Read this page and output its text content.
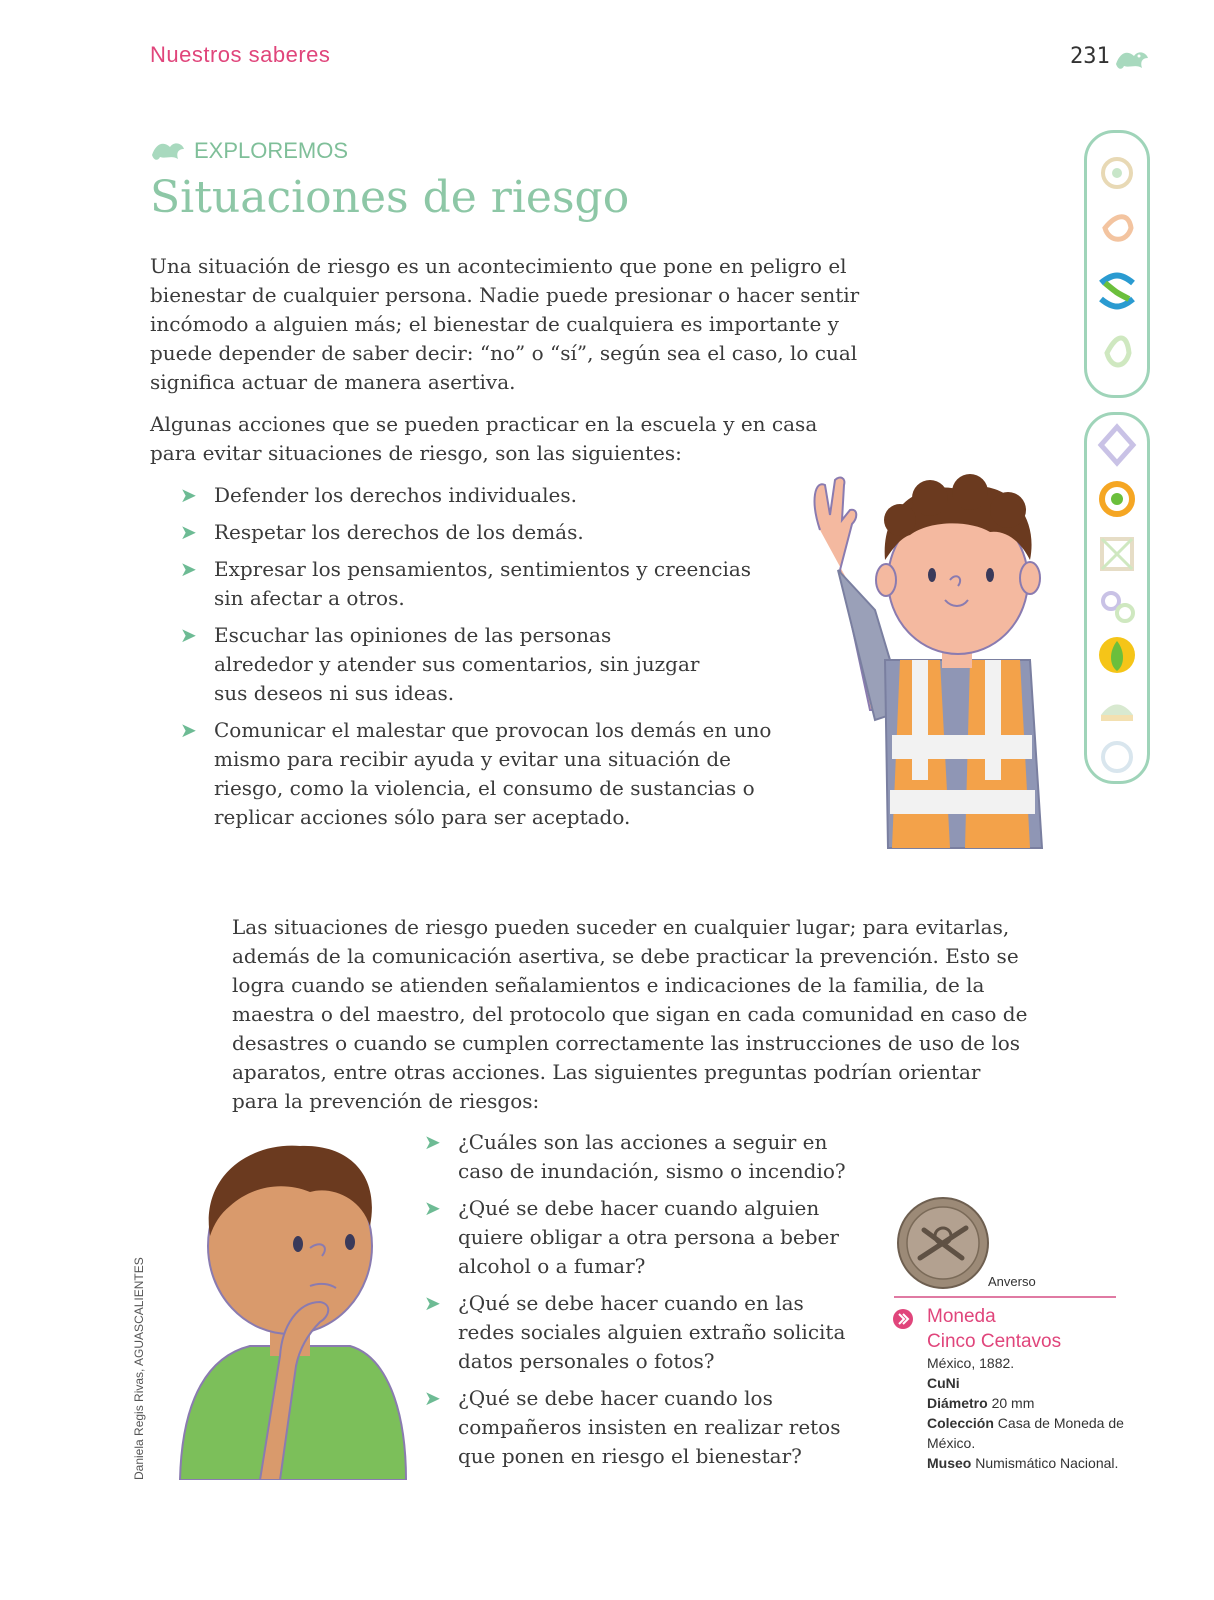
Nuestros saberes	231
EXPLOREMOS
Situaciones de riesgo

Una situación de riesgo es un acontecimiento que pone en peligro el bienestar de cualquier persona. Nadie puede presionar o hacer sentir incómodo a alguien más; el bienestar de cualquiera es importante y puede depender de saber decir: “no” o “sí”, según sea el caso, lo cual significa actuar de manera asertiva.

Algunas acciones que se pueden practicar en la escuela y en casa para evitar situaciones de riesgo, son las siguientes:

➤ Defender los derechos individuales.
➤ Respetar los derechos de los demás.
➤ Expresar los pensamientos, sentimientos y creencias sin afectar a otros.
➤ Escuchar las opiniones de las personas alrededor y atender sus comentarios, sin juzgar sus deseos ni sus ideas.
➤ Comunicar el malestar que provocan los demás en uno mismo para recibir ayuda y evitar una situación de riesgo, como la violencia, el consumo de sustancias o replicar acciones sólo para ser aceptado.

Las situaciones de riesgo pueden suceder en cualquier lugar; para evitarlas, además de la comunicación asertiva, se debe practicar la prevención. Esto se logra cuando se atienden señalamientos e indicaciones de la familia, de la maestra o del maestro, del protocolo que sigan en cada comunidad en caso de desastres o cuando se cumplen correctamente las instrucciones de uso de los aparatos, entre otras acciones. Las siguientes preguntas podrían orientar para la prevención de riesgos:

➤ ¿Cuáles son las acciones a seguir en caso de inundación, sismo o incendio?
➤ ¿Qué se debe hacer cuando alguien quiere obligar a otra persona a beber alcohol o a fumar?
➤ ¿Qué se debe hacer cuando en las redes sociales alguien extraño solicita datos personales o fotos?
➤ ¿Qué se debe hacer cuando los compañeros insisten en realizar retos que ponen en riesgo el bienestar?
Daniela Regis Rivas, AGUASCALIENTES	Anverso
Moneda
Cinco Centavos
México, 1882.
CuNi
Diámetro 20 mm
Colección Casa de Moneda de México.
Museo Numismático Nacional.
